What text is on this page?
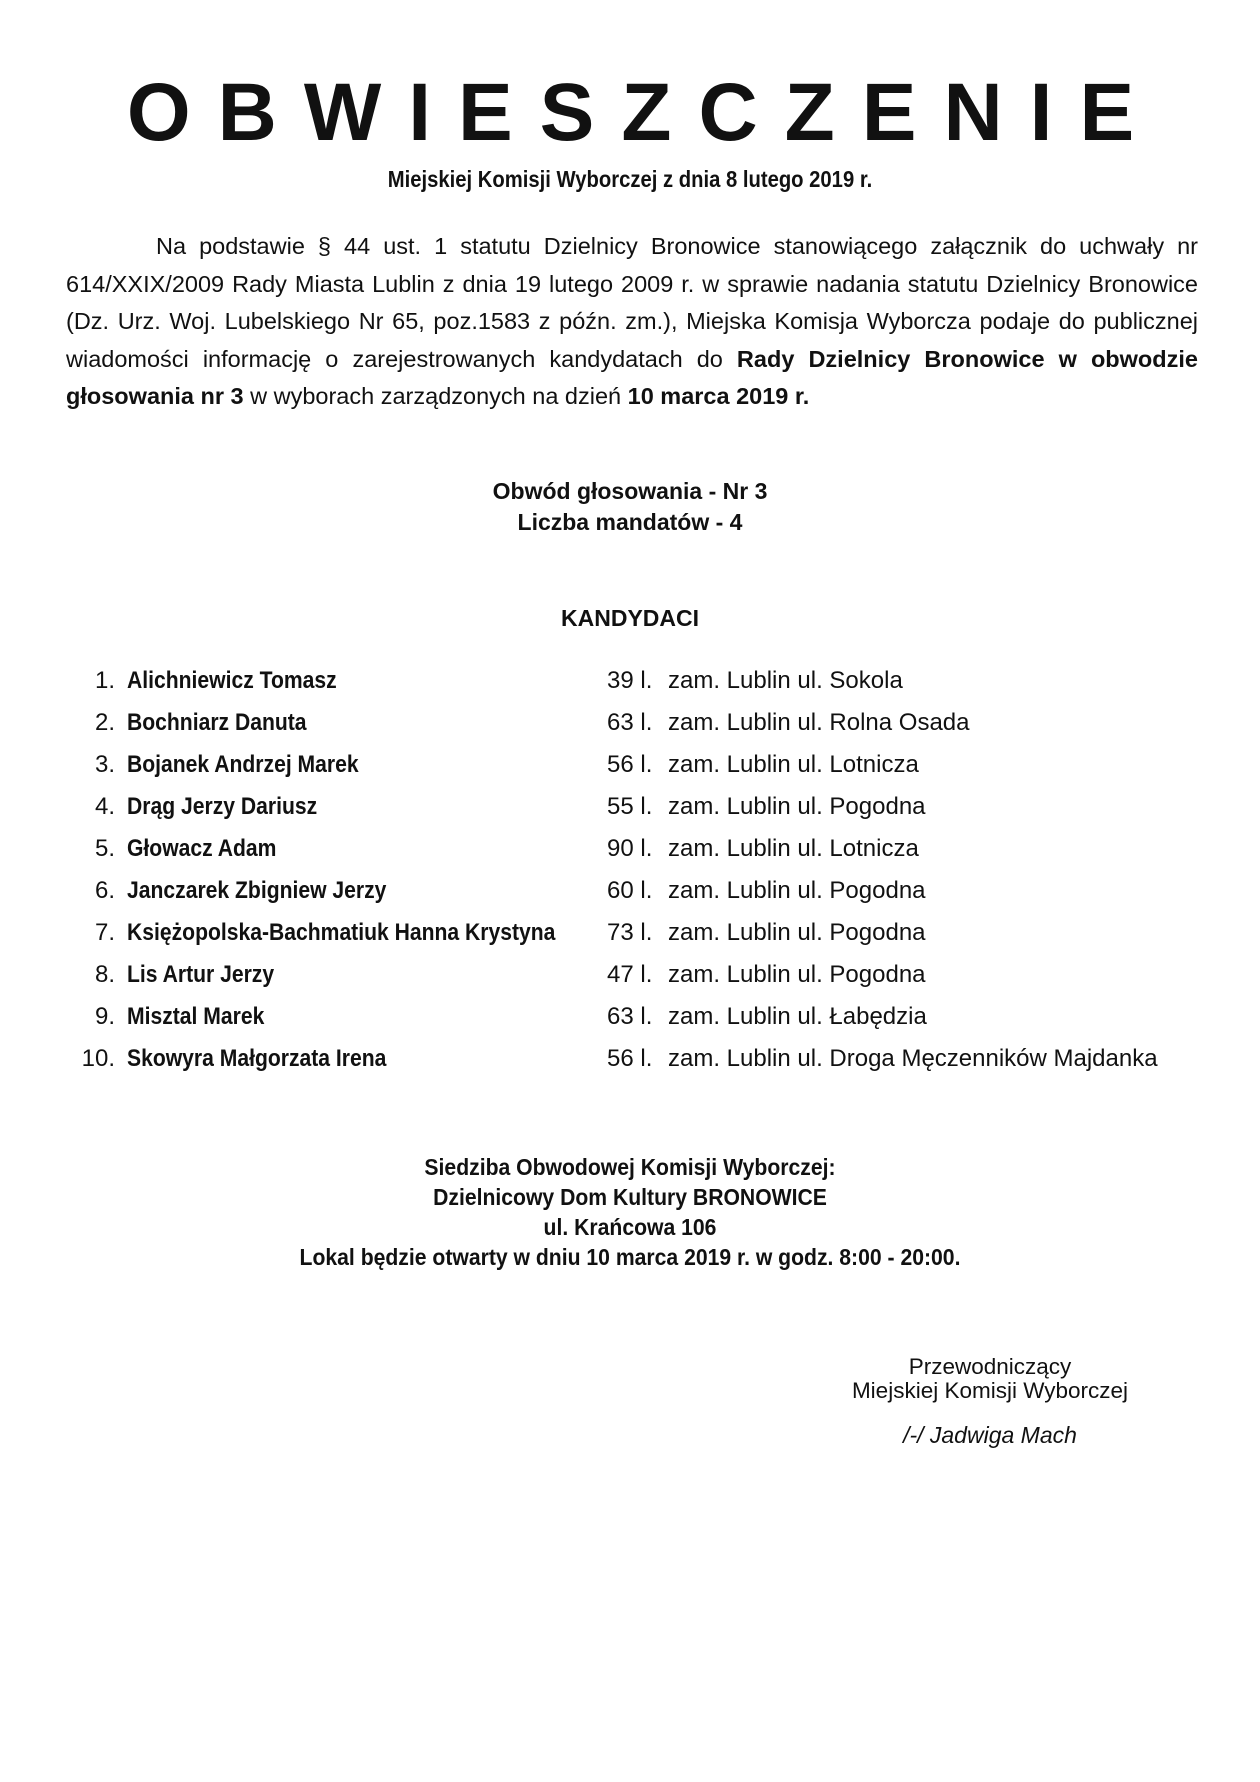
OBWIESZCZENIE
Miejskiej Komisji Wyborczej z dnia 8 lutego 2019 r.
Na podstawie § 44 ust. 1 statutu Dzielnicy Bronowice stanowiącego załącznik do uchwały nr 614/XXIX/2009 Rady Miasta Lublin z dnia 19 lutego 2009 r. w sprawie nadania statutu Dzielnicy Bronowice (Dz. Urz. Woj. Lubelskiego Nr 65, poz.1583 z późn. zm.), Miejska Komisja Wyborcza podaje do publicznej wiadomości informację o zarejestrowanych kandydatach do Rady Dzielnicy Bronowice w obwodzie głosowania nr 3 w wyborach zarządzonych na dzień 10 marca 2019 r.
Obwód głosowania - Nr 3
Liczba mandatów - 4
KANDYDACI
1. Alichniewicz Tomasz	39 l. zam. Lublin ul. Sokola
2. Bochniarz Danuta	63 l. zam. Lublin ul. Rolna Osada
3. Bojanek Andrzej Marek	56 l. zam. Lublin ul. Lotnicza
4. Drąg Jerzy Dariusz	55 l. zam. Lublin ul. Pogodna
5. Głowacz Adam	90 l. zam. Lublin ul. Lotnicza
6. Janczarek Zbigniew Jerzy	60 l. zam. Lublin ul. Pogodna
7. Księżopolska-Bachmatiuk Hanna Krystyna 73 l. zam. Lublin ul. Pogodna
8. Lis Artur Jerzy	47 l. zam. Lublin ul. Pogodna
9. Misztal Marek	63 l. zam. Lublin ul. Łabędzia
10. Skowyra Małgorzata Irena	56 l. zam. Lublin ul. Droga Męczenników Majdanka
Siedziba Obwodowej Komisji Wyborczej:
Dzielnicowy Dom Kultury BRONOWICE
ul. Krańcowa 106
Lokal będzie otwarty w dniu 10 marca 2019 r. w godz. 8:00 - 20:00.
Przewodniczący
Miejskiej Komisji Wyborczej
/-/ Jadwiga Mach
